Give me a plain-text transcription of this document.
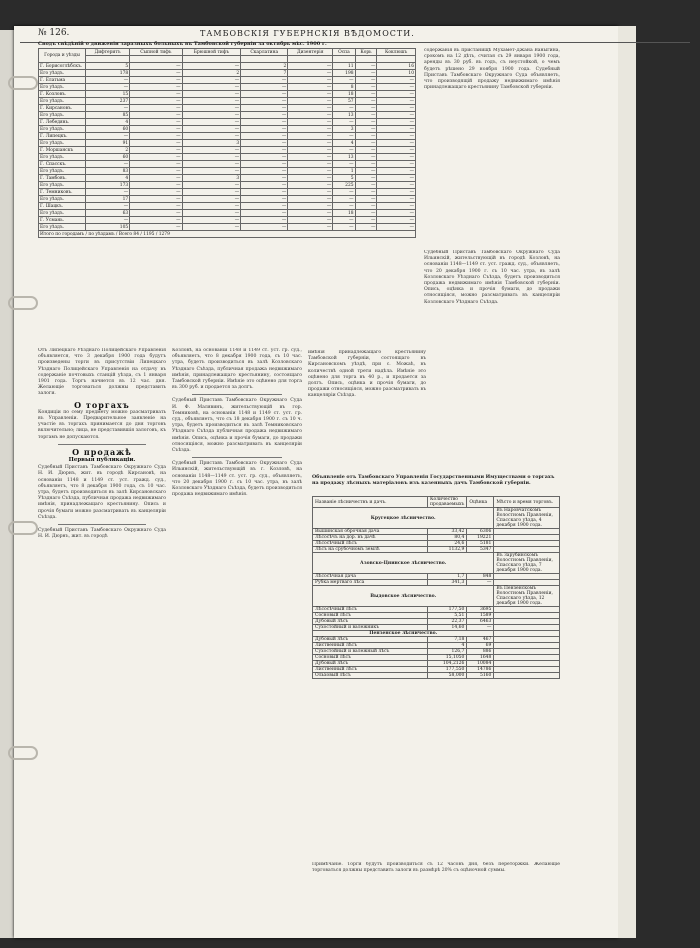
№ 126.	ТАМБОВСКІЯ ГУБЕРНСКІЯ ВѢДОМОСТИ.
Сводъ свѣдѣній о движеніи заразныхъ больныхъ въ Тамбовской губерніи за октябрь мѣс. 1900 г.
Города и уѣзды	Дифтеритъ	Сыпной тифъ	Брюшной тифъ	Скарлатина	Дизентерія	Оспа	Корь	Коклюшъ

Г. Борисоглѣбскъ.	5	—	—	2	—	11	—	16
Его уѣздъ.	178	—	2	7	—	198	—	10
Г. Елатьма	—	—	—	—	—	—	—	—
Его уѣздъ.	—	—	—	—	—	8	—	—
Г. Козловъ.	15	—	—	—	—	18	—	—
Его уѣздъ.	237	—	—	—	—	57	—	—
Г. Кирсановъ.	—	—	—	—	—	—	—	—
Его уѣздъ.	85	—	—	—	—	13	—	—
Г. Лебедянь.	4	—	—	—	—	—	—	—
Его уѣздъ.	60	—	—	—	—	3	—	—
Г. Липецкъ.	—	—	—	—	—	—	—	—
Его уѣздъ.	91	—	3	—	—	4	—	—
Г. Моршанскъ	2	—	—	—	—	—	—	—
Его уѣздъ.	60	—	—	—	—	13	—	—
Г. Спасскъ.	—	—	—	—	—	—	—	—
Его уѣздъ.	83	—	—	—	—	1	—	—
Г. Тамбовъ.	4	—	3	—	—	5	—	—
Его уѣздъ.	173	—	—	—	—	225	—	—
Г. Темниковъ.	—	—	—	—	—	—	—	—
Его уѣздъ.	17	—	—	—	—	—	—	—
Г. Шацкъ.	—	—	—	—	—	—	—	—
Его уѣздъ.	63	—	—	—	—	18	—	—
Г. Усмань.	—	—	—	—	—	—	—	—
Его уѣздъ.	105	—	—	—	—	—	—	—
Итого по городамъ / по уѣздамъ / Всего 84 / 1195 / 1279								
содержанія въ пристанищѣ Мухамет-Джана Ваныгина, срокомъ на 12 дѣть, считая съ 29 января 1900 года, аренды въ 30 руб. въ годъ, съ неустойкой, о чемъ будетъ рѣшено 29 ноября 1900 года. Судебный Приставъ Тамбовскаго Окружнаго Суда объявляетъ, что производящій продажу недвижимаго имѣнія принадлежащаго крестьянину Тамбовской губерніи.
Судебный Приставъ Тамбовскаго Окружнаго Суда Ильинскій, жительствующій въ городѣ Козловѣ, на основаніи 1148—1149 ст. уст. гражд. суд., объявляетъ, что 20 декабря 1900 г. съ 10 час. утра, въ залѣ Козловскаго Уѣзднаго Съѣзда, будетъ производиться продажа недвижимаго имѣнія Тамбовской губерніи. Опись, оцѣнка и прочія бумаги, до продажи относящіяся, можно разсматривать въ канцеляріи Козловскаго Уѣзднаго Съѣзда.
Отъ Липецкаго Уѣзднаго Полицейскаго Управленія объявляется, что 3 декабря 1900 года будутъ произведены торги въ присутствіи Липецкаго Уѣзднаго Полицейскаго Управленія на отдачу въ содержаніе почтовыхъ станцій уѣзда, съ 1 января 1901 года. Торгъ начнется въ 12 час. дня. Желающіе торговаться должны представить залоги.
О торгахъ
Кондиціи по сему предмету можно разсматривать въ Управленіи. Предварительное заявленіе на участіе въ торгахъ принимается до дня торговъ включительно; лица, не представившія залоговъ, къ торгамъ не допускаются.
О продажѣ
Первыя публикаціи.
Судебный Приставъ Тамбовскаго Окружнаго Суда Н. И. Дюрнъ, жит. въ городѣ Кирсановѣ, на основаніи 1148 и 1149 ст. уст. гражд. суд., объявляетъ, что 8 декабря 1900 года, съ 10 час. утра, будетъ производиться въ залѣ Кирсановскаго Уѣзднаго Съѣзда, публичная продажа недвижимаго имѣнія, принадлежащаго крестьянину. Опись и прочія бумаги можно разсматривать въ канцеляріи Съѣзда.
Судебный Приставъ Тамбовскаго Окружнаго Суда Н. И. Дюрнъ, жит. въ городѣ
Козловѣ, на основаніи 1148 и 1149 ст. уст. гр. суд., объявляетъ, что 8 декабря 1900 года, съ 10 час. утра, будетъ производиться въ залѣ Козловскаго Уѣзднаго Съѣзда, публичная продажа недвижимаго имѣнія, принадлежащаго крестьянину, состоящаго Тамбовской губерніи. Имѣніе это оцѣнено для торга въ 300 руб. и продается за долгъ.
Судебный Приставъ Тамбовскаго Окружнаго Суда И. Ф. Малявинъ, жительствующій въ гор. Темниковѣ, на основаніи 1148 и 1149 ст. уст. гр. суд., объявляетъ, что съ 18 декабря 1900 г. съ 10 ч. утра, будетъ производиться въ залѣ Темниковскаго Уѣзднаго Съѣзда публичная продажа недвижимаго имѣнія. Опись, оцѣнка и прочія бумаги, до продажи относящіяся, можно разсматривать въ канцеляріи Съѣзда.
Судебный Приставъ Тамбовскаго Окружнаго Суда Ильинскій, жительствующій въ г. Козловѣ, на основаніи 1148—1149 ст. уст. гр. суд., объявляетъ, что 20 декабря 1900 г. съ 10 час. утра, въ залѣ Козловскаго Уѣзднаго Съѣзда, будетъ производиться продажа недвижимаго имѣнія.
имѣнія принадлежащаго крестьянину Тамбовской губерніи, состоящаго въ Кирсановскомъ уѣздѣ, при с. Можаѣ, въ количествѣ одной трети надѣла. Имѣніе это оцѣнено для торга въ 40 р., и продается за долгъ. Опись, оцѣнка и прочія бумаги, до продажи относящіяся, можно разсматривать въ канцеляріи Съѣзда.
Объявленіе отъ Тамбовскаго Управленія Государственными Имуществами о торгахъ на продажу лѣсныхъ матеріаловъ изъ казенныхъ дачъ Тамбовской губерніи.
Названіе лѣсничествъ и дачъ.	Количество продаваемыхъ	Оцѣнка	Мѣсто и время торговъ.
Кругецкое лѣсничество.			Въ Наровчатскомъ Волостномъ Правленіи, Спасскаго уѣзда, 4 декабря 1900 года.
Вышинская оброчная дача	33,42	6306	
Лѣсосѣчъ на дор. въ дачѣ	80,4	19221	
Лѣсосѣчный лѣсъ	24,6	5181	
Лѣсъ на срубочномъ землѣ	1132,9	5347	
Азовско-Цнинское лѣсничество.			Въ Зарубинскомъ Волостномъ Правленіи, Спасскаго уѣзда, 7 декабря 1900 года.
Лѣсосѣчная дача	1,7	848	
Рубка мертваго лѣса	341,3	—	
Выдовское лѣсничество.			Въ Пензенскомъ Волостномъ Правленіи, Спасскаго уѣзда, 12 декабря 1900 года.
Лѣсосѣчный лѣсъ	177,50	3695	
Сосновый лѣсъ	5,51	1589	
Дубовый лѣсъ	22,37	6463	
Сухостойный и валежникъ	14,60	—	
Пензенское лѣсничество.			
Дубовый лѣсъ	7,18	467	
Лиственный лѣсъ	4	69	
Сухостойный и валежный лѣсъ	126,7	886	
Сосновый лѣсъ	15,1050	1648	
Дубовый лѣсъ	104,2126	10084	
Лиственный лѣсъ	177,550	14786	
Ольховый лѣсъ	58,000	5160	
Примѣчаніе. Торги будутъ производиться съ 12 часовъ дня, безъ переторжки. Желающіе торговаться должны представить залоги въ размѣрѣ 20% съ оцѣночной суммы.
